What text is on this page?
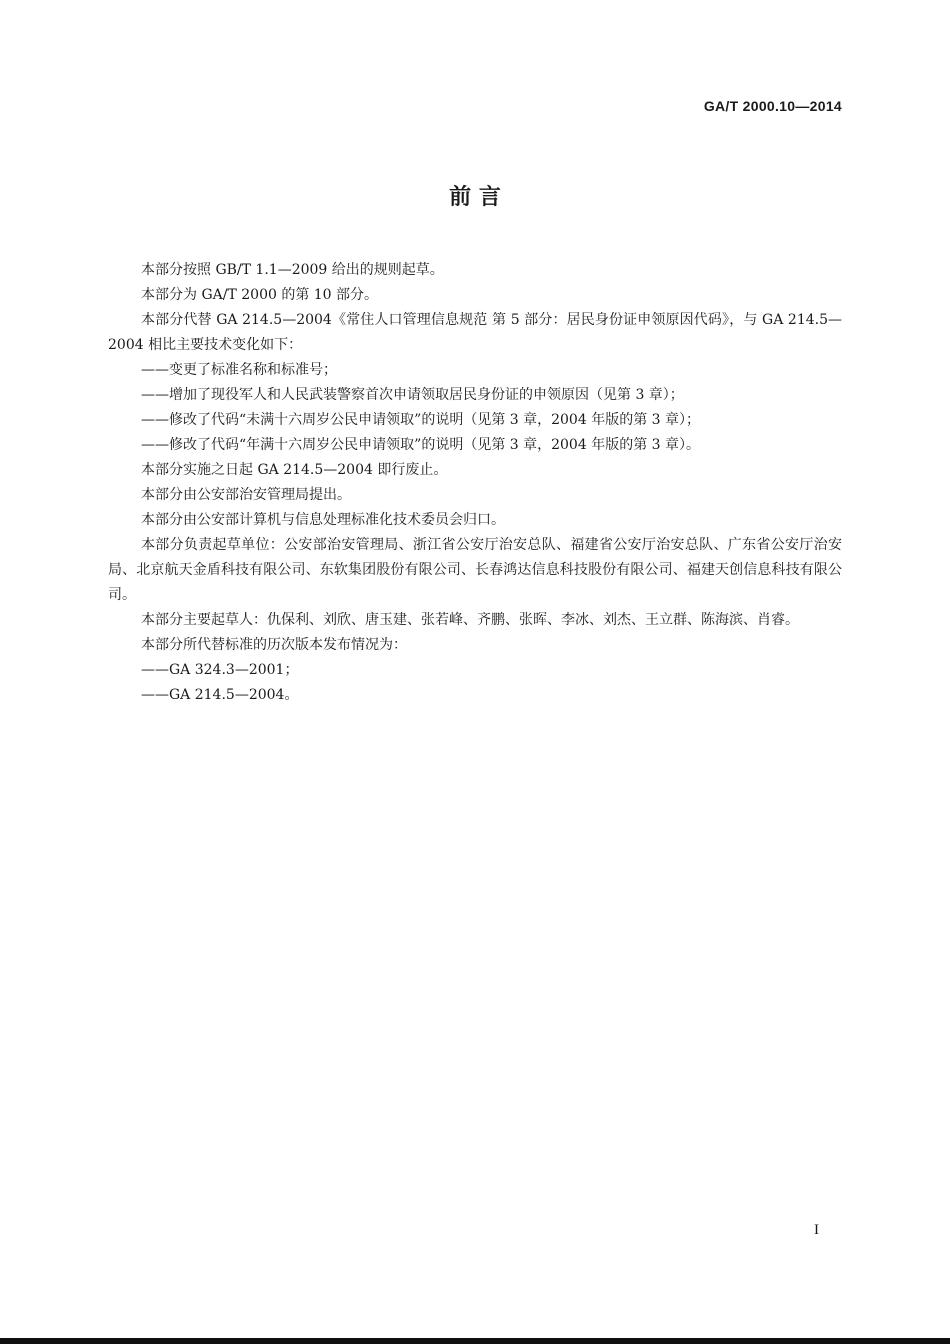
GA/T 2000.10—2014
前 言

本部分按照 GB/T 1.1—2009 给出的规则起草。

本部分为 GA/T 2000 的第 10 部分。

本部分代替 GA 214.5—2004《常住人口管理信息规范 第 5 部分：居民身份证申领原因代码》，与 GA 214.5—2004 相比主要技术变化如下：

——变更了标准名称和标准号；

——增加了现役军人和人民武装警察首次申请领取居民身份证的申领原因（见第 3 章）；

——修改了代码“未满十六周岁公民申请领取”的说明（见第 3 章，2004 年版的第 3 章）；

——修改了代码“年满十六周岁公民申请领取”的说明（见第 3 章，2004 年版的第 3 章）。

本部分实施之日起 GA 214.5—2004 即行废止。

本部分由公安部治安管理局提出。

本部分由公安部计算机与信息处理标准化技术委员会归口。

本部分负责起草单位：公安部治安管理局、浙江省公安厅治安总队、福建省公安厅治安总队、广东省公安厅治安局、北京航天金盾科技有限公司、东软集团股份有限公司、长春鸿达信息科技股份有限公司、福建天创信息科技有限公司。

本部分主要起草人：仇保利、刘欣、唐玉建、张若峰、齐鹏、张晖、李冰、刘杰、王立群、陈海滨、肖睿。

本部分所代替标准的历次版本发布情况为：

——GA 324.3—2001；

——GA 214.5—2004。

I
